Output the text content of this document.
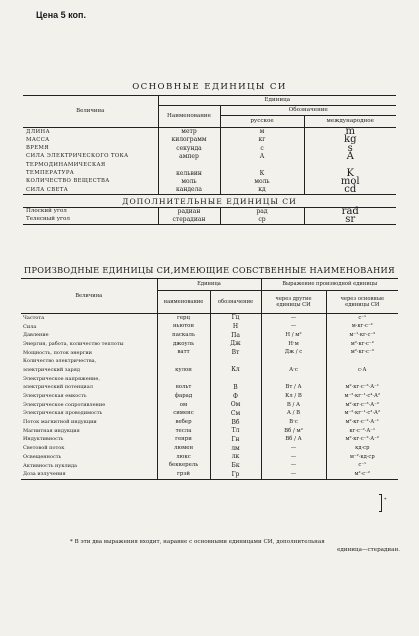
Цена 5 коп.
ОСНОВНЫЕ ЕДИНИЦЫ СИ
Величина	Единица		
	Наименование	Обозначение	
		русское	международное
ДЛИНА	метр	м	m
МАССА	килограмм	кг	kg
ВРЕМЯ	секунда	с	s
СИЛА ЭЛЕКТРИЧЕСКОГО ТОКА	ампер	А	A
ТЕРМОДИНАМИЧЕСКАЯ			
ТЕМПЕРАТУРА	кельвин	К	K
КОЛИЧЕСТВО ВЕЩЕСТВА	моль	моль	mol
СИЛА СВЕТА	кандела	кд	cd
ДОПОЛНИТЕЛЬНЫЕ ЕДИНИЦЫ СИ			
Плоский угол	радиан	рад	rad
Телесный угол	стерадиан	ср	sr
ПРОИЗВОДНЫЕ ЕДИНИЦЫ СИ,ИМЕЮЩИЕ СОБСТВЕННЫЕ НАИМЕНОВАНИЯ
Величина	Единица		Выражение производной единицы	
	наименование	обозначение	через другие единицы СИ	через основные единицы СИ
Частота	герц	Гц	—	с⁻¹
Сила	ньютон	Н	—	м·кг·с⁻²
Давление	паскаль	Па	Н / м²	м⁻¹·кг·с⁻²
Энергия, работа, количество теплоты	джоуль	Дж	Н·м	м²·кг·с⁻²
Мощность, поток энергии	ватт	Вт	Дж / с	м²·кг·с⁻³
Количество электричества,				
электрический заряд	кулон	Кл	А·с	с·А
Электрическое напряжение,				
электрический потенциал	вольт	В	Вт / А	м²·кг·с⁻³·А⁻¹
Электрическая емкость	фарад	Ф	Кл / В	м⁻²·кг⁻¹·с⁴·А²
Электрическое сопротивление	ом	Ом	В / А	м²·кг·с⁻³·А⁻²
Электрическая проводимость	сименс	См	А / В	м⁻²·кг⁻¹·с³·А²
Поток магнитной индукции	вебер	Вб	В·с	м²·кг·с⁻²·А⁻¹
Магнитная индукция	тесла	Тл	Вб / м²	кг·с⁻²·А⁻¹
Индуктивность	генри	Гн	Вб / А	м²·кг·с⁻²·А⁻²
Световой поток	люмен	лм	—	кд·ср
Освещенность	люкс	лк	—	м⁻²·кд·ср
Активность нуклида	беккерель	Бк	—	с⁻¹
Доза излучения	грэй	Гр	—	м²·с⁻²
*
* В эти два выражения входит, наравне с основными единицами СИ, дополнительная
единица—стерадиан.
